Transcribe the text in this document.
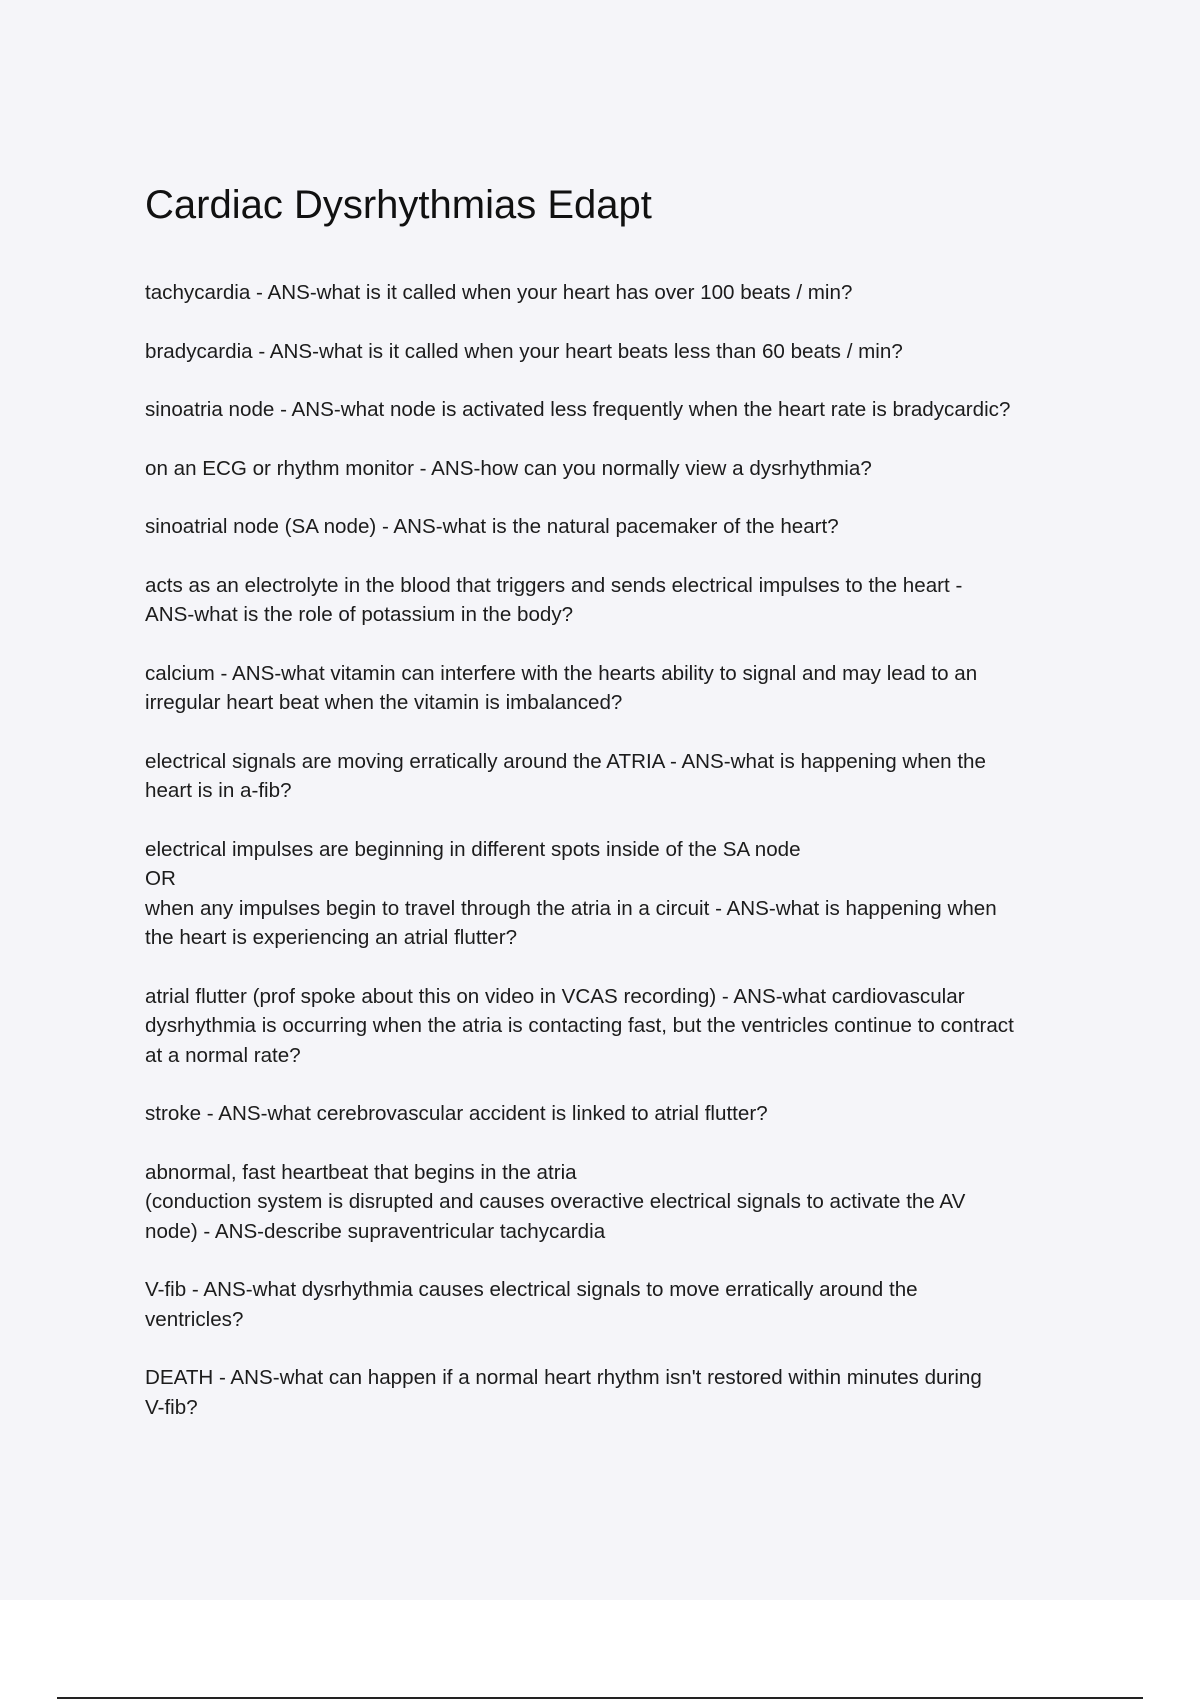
Cardiac Dysrhythmias Edapt

tachycardia - ANS-what is it called when your heart has over 100 beats / min?

bradycardia - ANS-what is it called when your heart beats less than 60 beats / min?

sinoatria node - ANS-what node is activated less frequently when the heart rate is bradycardic?

on an ECG or rhythm monitor - ANS-how can you normally view a dysrhythmia?

sinoatrial node (SA node) - ANS-what is the natural pacemaker of the heart?

acts as an electrolyte in the blood that triggers and sends electrical impulses to the heart -
ANS-what is the role of potassium in the body?

calcium - ANS-what vitamin can interfere with the hearts ability to signal and may lead to an
irregular heart beat when the vitamin is imbalanced?

electrical signals are moving erratically around the ATRIA - ANS-what is happening when the
heart is in a-fib?

electrical impulses are beginning in different spots inside of the SA node
OR
when any impulses begin to travel through the atria in a circuit - ANS-what is happening when
the heart is experiencing an atrial flutter?

atrial flutter (prof spoke about this on video in VCAS recording) - ANS-what cardiovascular
dysrhythmia is occurring when the atria is contacting fast, but the ventricles continue to contract
at a normal rate?

stroke - ANS-what cerebrovascular accident is linked to atrial flutter?

abnormal, fast heartbeat that begins in the atria
(conduction system is disrupted and causes overactive electrical signals to activate the AV
node) - ANS-describe supraventricular tachycardia

V-fib - ANS-what dysrhythmia causes electrical signals to move erratically around the
ventricles?

DEATH - ANS-what can happen if a normal heart rhythm isn't restored within minutes during
V-fib?
